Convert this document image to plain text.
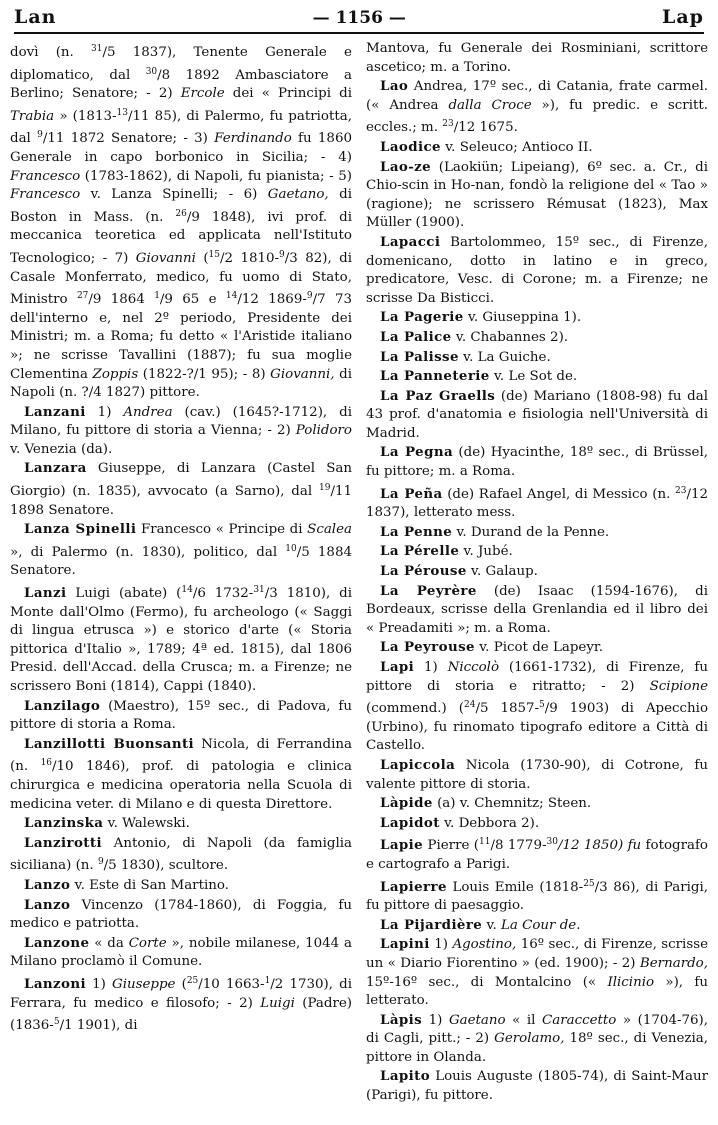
Lan	— 1156 —	Lap
dovì (n. $^{31}$/5 1837), Tenente Generale e diplomatico, dal $^{30}$/8 1892 Ambasciatore a Berlino; Senatore; - 2) Ercole dei « Principi di Trabia » (1813-$^{13}$/11 85), di Palermo, fu patriotta, dal $^9$/11 1872 Senatore; - 3) Ferdinando fu 1860 Generale in capo borbonico in Sicilia; - 4) Francesco (1783-1862), di Napoli, fu pianista; - 5) Francesco v. Lanza Spinelli; - 6) Gaetano, di Boston in Mass. (n. $^{26}$/9 1848), ivi prof. di meccanica teoretica ed applicata nell'Istituto Tecnologico; - 7) Giovanni ($^{15}$/2 1810-$^9$/3 82), di Casale Monferrato, medico, fu uomo di Stato, Ministro $^{27}$/9 1864 $^1$/9 65 e $^{14}$/12 1869-$^9$/7 73 dell'interno e, nel 2º periodo, Presidente dei Ministri; m. a Roma; fu detto « l'Aristide italiano »; ne scrisse Tavallini (1887); fu sua moglie Clementina Zoppis (1822-?/1 95); - 8) Giovanni, di Napoli (n. ?/4 1827) pittore.
Lanzani 1) Andrea (cav.) (1645?-1712), di Milano, fu pittore di storia a Vienna; - 2) Polidoro v. Venezia (da).
Lanzara Giuseppe, di Lanzara (Castel San Giorgio) (n. 1835), avvocato (a Sarno), dal $^{19}$/11 1898 Senatore.
Lanza Spinelli Francesco « Principe di Scalea », di Palermo (n. 1830), politico, dal $^{10}$/5 1884 Senatore.
Lanzi Luigi (abate) ($^{14}$/6 1732-$^{31}$/3 1810), di Monte dall'Olmo (Fermo), fu archeologo (« Saggi di lingua etrusca ») e storico d'arte (« Storia pittorica d'Italio », 1789; 4ª ed. 1815), dal 1806 Presid. dell'Accad. della Crusca; m. a Firenze; ne scrissero Boni (1814), Cappi (1840).
Lanzilago (Maestro), 15º sec., di Padova, fu pittore di storia a Roma.
Lanzillotti Buonsanti Nicola, di Ferrandina (n. $^{16}$/10 1846), prof. di patologia e clinica chirurgica e medicina operatoria nella Scuola di medicina veter. di Milano e di questa Direttore.
Lanzinska v. Walewski.
Lanzirotti Antonio, di Napoli (da famiglia siciliana) (n. $^9$/5 1830), scultore.
Lanzo v. Este di San Martino.
Lanzo Vincenzo (1784-1860), di Foggia, fu medico e patriotta.
Lanzone « da Corte », nobile milanese, 1044 a Milano proclamò il Comune.
Lanzoni 1) Giuseppe ($^{25}$/10 1663-$^1$/2 1730), di Ferrara, fu medico e filosofo; - 2) Luigi (Padre) (1836-$^5$/1 1901), di
Mantova, fu Generale dei Rosminiani, scrittore ascetico; m. a Torino.
Lao Andrea, 17º sec., di Catania, frate carmel. (« Andrea dalla Croce »), fu predic. e scritt. eccles.; m. $^{23}$/12 1675.
Laodice v. Seleuco; Antioco II.
Lao-ze (Laokiün; Lipeiang), 6º sec. a. Cr., di Chio-scin in Ho-nan, fondò la religione del « Tao » (ragione); ne scrissero Rémusat (1823), Max Müller (1900).
Lapacci Bartolommeo, 15º sec., di Firenze, domenicano, dotto in latino e in greco, predicatore, Vesc. di Corone; m. a Firenze; ne scrisse Da Bisticci.
La Pagerie v. Giuseppina 1).
La Palice v. Chabannes 2).
La Palisse v. La Guiche.
La Panneterie v. Le Sot de.
La Paz Graells (de) Mariano (1808-98) fu dal 43 prof. d'anatomia e fisiologia nell'Università di Madrid.
La Pegna (de) Hyacinthe, 18º sec., di Brüssel, fu pittore; m. a Roma.
La Peña (de) Rafael Angel, di Messico (n. $^{23}$/12 1837), letterato mess.
La Penne v. Durand de la Penne.
La Pérelle v. Jubé.
La Pérouse v. Galaup.
La Peyrère (de) Isaac (1594-1676), di Bordeaux, scrisse della Grenlandia ed il libro dei « Preadamiti »; m. a Roma.
La Peyrouse v. Picot de Lapeyr.
Lapi 1) Niccolò (1661-1732), di Firenze, fu pittore di storia e ritratto; - 2) Scipione (commend.) ($^{24}$/5 1857-$^5$/9 1903) di Apecchio (Urbino), fu rinomato tipografo editore a Città di Castello.
Lapiccola Nicola (1730-90), di Cotrone, fu valente pittore di storia.
Làpide (a) v. Chemnitz; Steen.
Lapidot v. Debbora 2).
Lapie Pierre ($^{11}$/8 1779-$^{30}$/12 1850) fu fotografo e cartografo a Parigi.
Lapierre Louis Emile (1818-$^{25}$/3 86), di Parigi, fu pittore di paesaggio.
La Pijardière v. La Cour de.
Lapini 1) Agostino, 16º sec., di Firenze, scrisse un « Diario Fiorentino » (ed. 1900); - 2) Bernardo, 15º-16º sec., di Montalcino (« Ilicinio »), fu letterato.
Làpis 1) Gaetano « il Caraccetto » (1704-76), di Cagli, pitt.; - 2) Gerolamo, 18º sec., di Venezia, pittore in Olanda.
Lapito Louis Auguste (1805-74), di Saint-Maur (Parigi), fu pittore.
